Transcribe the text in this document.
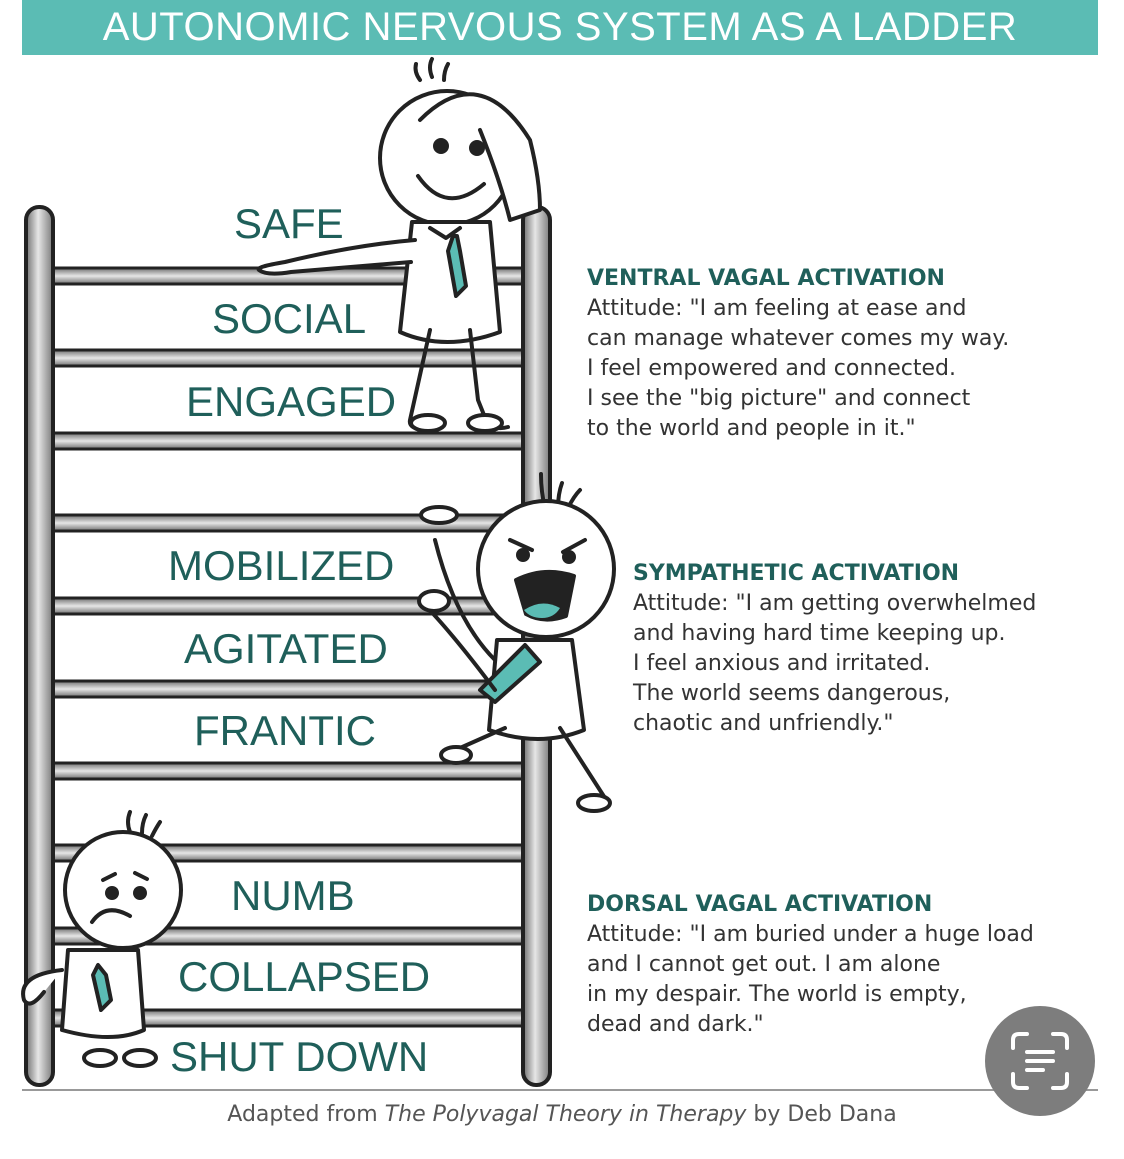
AUTONOMIC NERVOUS SYSTEM AS A LADDER
SAFE
SOCIAL
ENGAGED
MOBILIZED
AGITATED
FRANTIC
NUMB
COLLAPSED
SHUT DOWN
VENTRAL VAGAL ACTIVATION
Attitude: "I am feeling at ease and
can manage whatever comes my way.
I feel empowered and connected.
I see the "big picture" and connect
to the world and people in it."
SYMPATHETIC ACTIVATION
Attitude: "I am getting overwhelmed
and having hard time keeping up.
I feel anxious and irritated.
The world seems dangerous,
chaotic and unfriendly."
DORSAL VAGAL ACTIVATION
Attitude: "I am buried under a huge load
and I cannot get out. I am alone
in my despair. The world is empty,
dead and dark."
Adapted from The Polyvagal Theory in Therapy by Deb Dana
